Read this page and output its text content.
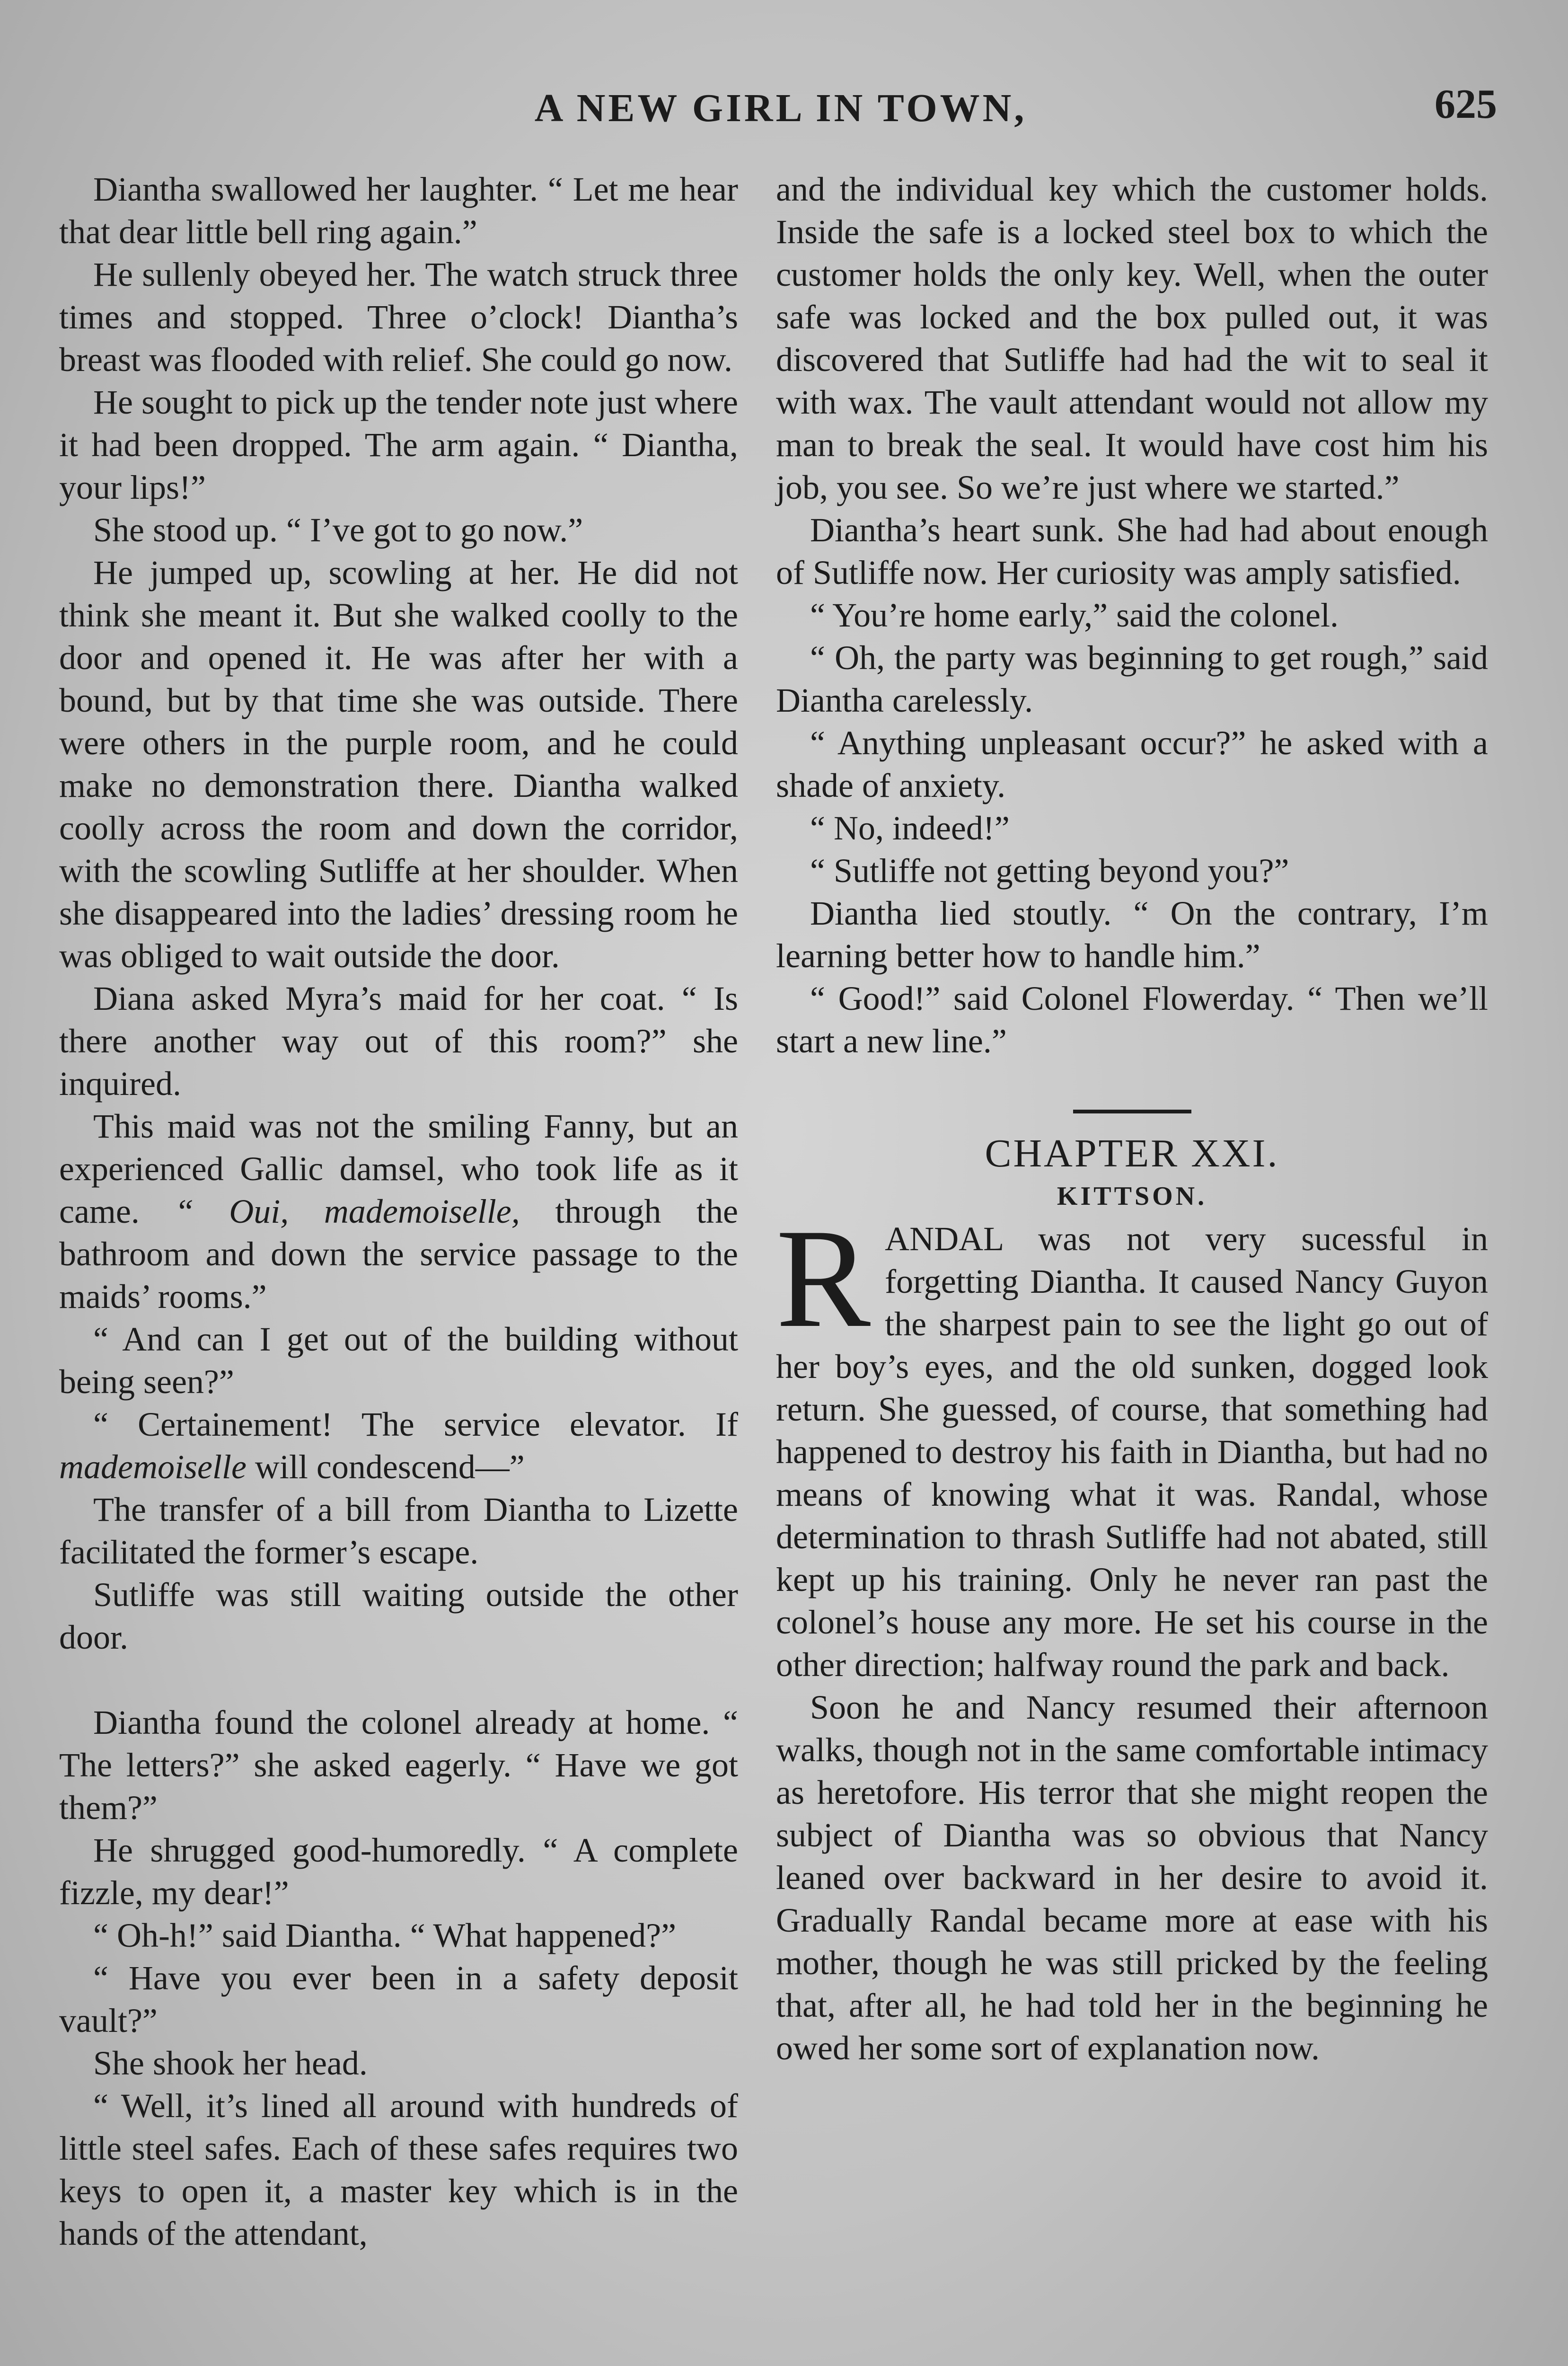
A NEW GIRL IN TOWN,	625

Diantha swallowed her laughter. “ Let me hear that dear little bell ring again.”

He sullenly obeyed her. The watch struck three times and stopped. Three o’clock! Diantha’s breast was flooded with relief. She could go now.

He sought to pick up the tender note just where it had been dropped. The arm again. “ Diantha, your lips!”

She stood up. “ I’ve got to go now.”

He jumped up, scowling at her. He did not think she meant it. But she walked coolly to the door and opened it. He was after her with a bound, but by that time she was outside. There were others in the purple room, and he could make no demonstration there. Diantha walked coolly across the room and down the corridor, with the scowling Sutliffe at her shoulder. When she disappeared into the ladies’ dressing room he was obliged to wait outside the door.

Diana asked Myra’s maid for her coat. “ Is there another way out of this room?” she inquired.

This maid was not the smiling Fanny, but an experienced Gallic damsel, who took life as it came. “ Oui, mademoiselle, through the bathroom and down the service passage to the maids’ rooms.”

“ And can I get out of the building without being seen?”

“ Certainement! The service elevator. If mademoiselle will condescend—”

The transfer of a bill from Diantha to Lizette facilitated the former’s escape.

Sutliffe was still waiting outside the other door.

Diantha found the colonel already at home. “ The letters?” she asked eagerly. “ Have we got them?”

He shrugged good-humoredly. “ A complete fizzle, my dear!”

“ Oh-h!” said Diantha. “ What happened?”

“ Have you ever been in a safety deposit vault?”

She shook her head.

“ Well, it’s lined all around with hundreds of little steel safes. Each of these safes requires two keys to open it, a master key which is in the hands of the attendant,

and the individual key which the customer holds. Inside the safe is a locked steel box to which the customer holds the only key. Well, when the outer safe was locked and the box pulled out, it was discovered that Sutliffe had had the wit to seal it with wax. The vault attendant would not allow my man to break the seal. It would have cost him his job, you see. So we’re just where we started.”

Diantha’s heart sunk. She had had about enough of Sutliffe now. Her curiosity was amply satisfied.

“ You’re home early,” said the colonel.

“ Oh, the party was beginning to get rough,” said Diantha carelessly.

“ Anything unpleasant occur?” he asked with a shade of anxiety.

“ No, indeed!”

“ Sutliffe not getting beyond you?”

Diantha lied stoutly. “ On the contrary, I’m learning better how to handle him.”

“ Good!” said Colonel Flowerday. “ Then we’ll start a new line.”

CHAPTER XXI.

KITTSON.

RANDAL was not very sucessful in forgetting Diantha. It caused Nancy Guyon the sharpest pain to see the light go out of her boy’s eyes, and the old sunken, dogged look return. She guessed, of course, that something had happened to destroy his faith in Diantha, but had no means of knowing what it was. Randal, whose determination to thrash Sutliffe had not abated, still kept up his training. Only he never ran past the colonel’s house any more. He set his course in the other direction; halfway round the park and back.

Soon he and Nancy resumed their afternoon walks, though not in the same comfortable intimacy as heretofore. His terror that she might reopen the subject of Diantha was so obvious that Nancy leaned over backward in her desire to avoid it. Gradually Randal became more at ease with his mother, though he was still pricked by the feeling that, after all, he had told her in the beginning he owed her some sort of explanation now.
